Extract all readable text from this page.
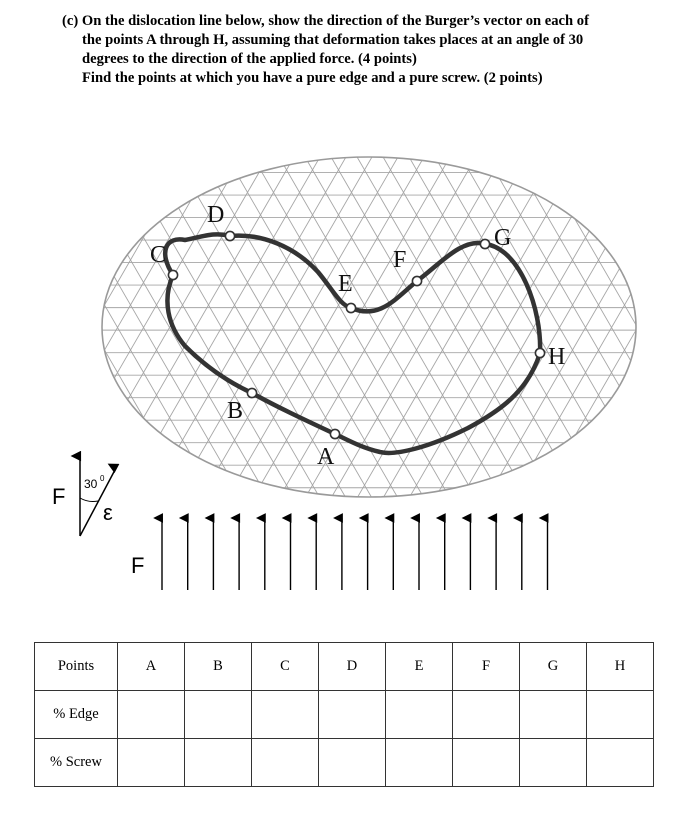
(c) On the dislocation line below, show the direction of the Burger’s vector on each of
the points A through H, assuming that deformation takes places at an angle of 30
degrees to the direction of the applied force. (4 points)
Find the points at which you have a pure edge and a pure screw. (2 points)
A
B
C
D
E
F
G
H
F 30 0
ε
F
Points	A	B	C	D	E	F	G	H
% Edge								
% Screw								
